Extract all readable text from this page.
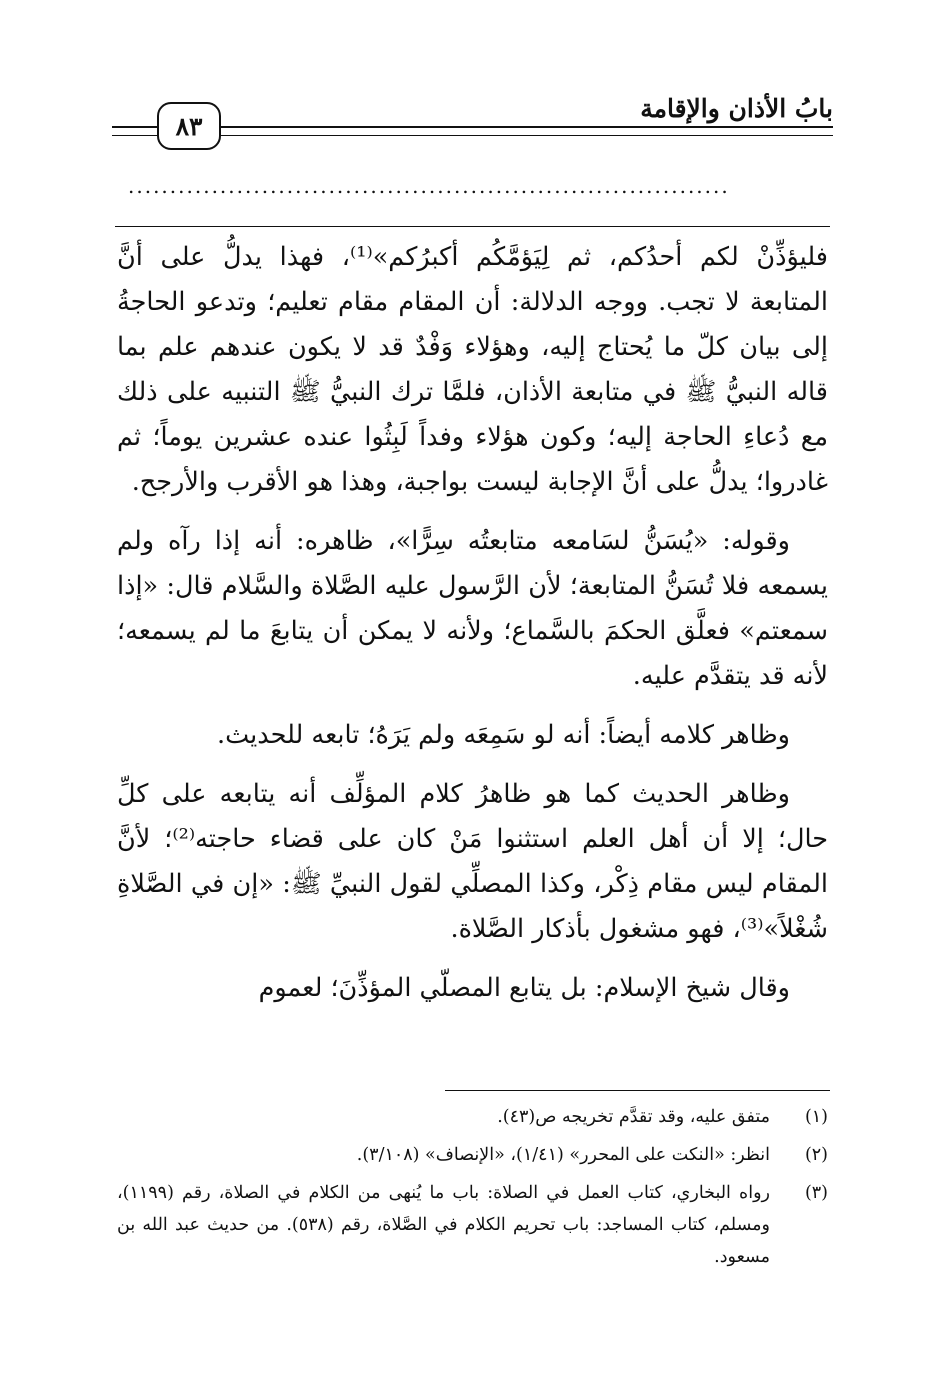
بابُ الأذان والإقامة
٨٣
........................................................................

فليؤذِّنْ لكم أحدُكم، ثم لِيَؤمَّكُم أكبرُكم»⁽¹⁾، فهذا يدلُّ على أنَّ المتابعة لا تجب. ووجه الدلالة: أن المقام مقام تعليم؛ وتدعو الحاجةُ إلى بيان كلّ ما يُحتاج إليه، وهؤلاء وَفْدٌ قد لا يكون عندهم علم بما قاله النبيُّ ﷺ في متابعة الأذان، فلمَّا ترك النبيُّ ﷺ التنبيه على ذلك مع دُعاءِ الحاجة إليه؛ وكون هؤلاء وفداً لَبِثُوا عنده عشرين يوماً؛ ثم غادروا؛ يدلُّ على أنَّ الإجابة ليست بواجبة، وهذا هو الأقرب والأرجح.

وقوله: «يُسَنُّ لسَامعه متابعتُه سِرًّا»، ظاهره: أنه إذا رآه ولم يسمعه فلا تُسَنُّ المتابعة؛ لأن الرَّسول عليه الصَّلاة والسَّلام قال: «إذا سمعتم» فعلَّق الحكمَ بالسَّماع؛ ولأنه لا يمكن أن يتابعَ ما لم يسمعه؛ لأنه قد يتقدَّم عليه.

وظاهر كلامه أيضاً: أنه لو سَمِعَه ولم يَرَهُ؛ تابعه للحديث.

وظاهر الحديث كما هو ظاهرُ كلام المؤلِّف أنه يتابعه على كلِّ حال؛ إلا أن أهل العلم استثنوا مَنْ كان على قضاء حاجته⁽²⁾؛ لأنَّ المقام ليس مقام ذِكْر، وكذا المصلِّي لقول النبيِّ ﷺ: «إن في الصَّلاةِ شُغْلاً»⁽³⁾، فهو مشغول بأذكار الصَّلاة.

وقال شيخ الإسلام: بل يتابع المصلّي المؤذِّنَ؛ لعموم

(١)
متفق عليه، وقد تقدَّم تخريجه ص(٤٣).
(٢)
انظر: «النكت على المحرر» (١/٤١)، «الإنصاف» (٣/١٠٨).
(٣)
رواه البخاري، كتاب العمل في الصلاة: باب ما يُنهى من الكلام في الصلاة، رقم (١١٩٩)، ومسلم، كتاب المساجد: باب تحريم الكلام في الصَّلاة، رقم (٥٣٨). من حديث عبد الله بن مسعود.
